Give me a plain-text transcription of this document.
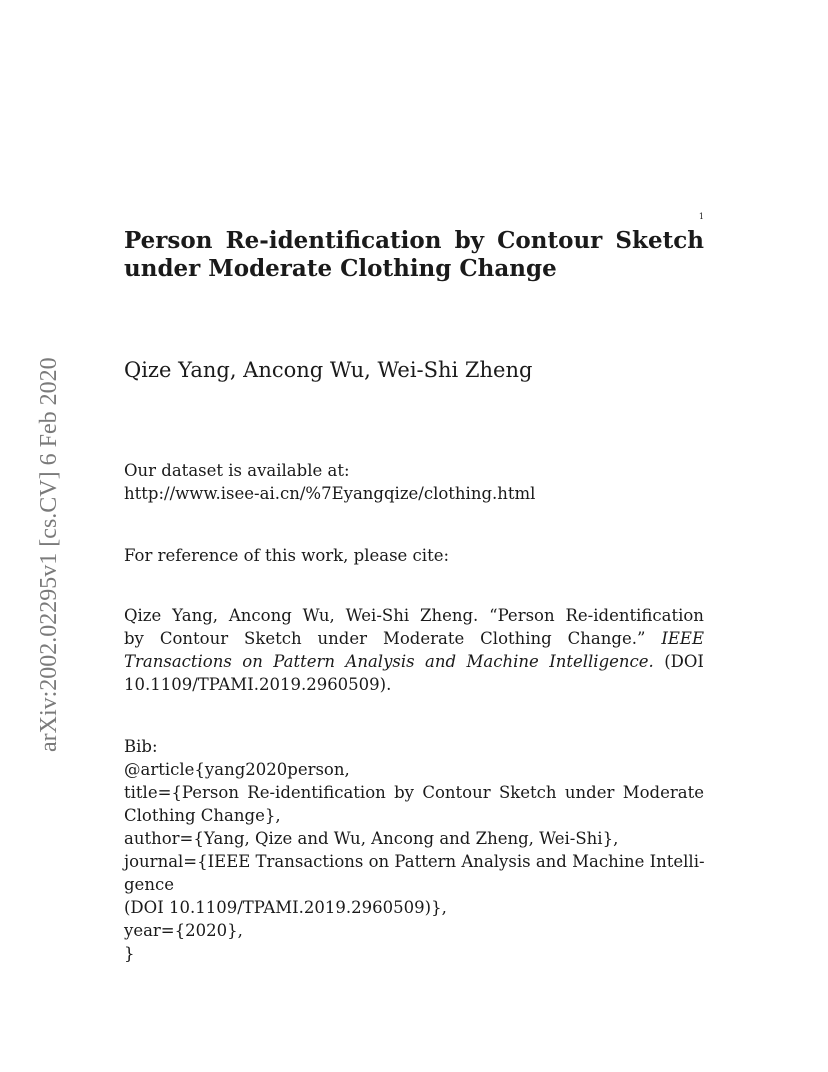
1
arXiv:2002.02295v1 [cs.CV] 6 Feb 2020
Person Re-identification by Contour Sketch
under Moderate Clothing Change
Qize Yang, Ancong Wu, Wei-Shi Zheng
Our dataset is available at:
http://www.isee-ai.cn/%7Eyangqize/clothing.html
For reference of this work, please cite:
Qize Yang, Ancong Wu, Wei-Shi Zheng. “Person Re-identification
by Contour Sketch under Moderate Clothing Change.” IEEE
Transactions on Pattern Analysis and Machine Intelligence. (DOI
10.1109/TPAMI.2019.2960509).
Bib:
@article{yang2020person,
title={Person Re-identification by Contour Sketch under Moderate
Clothing Change},
author={Yang, Qize and Wu, Ancong and Zheng, Wei-Shi},
journal={IEEE Transactions on Pattern Analysis and Machine Intelli-
gence
(DOI 10.1109/TPAMI.2019.2960509)},
year={2020},
}
